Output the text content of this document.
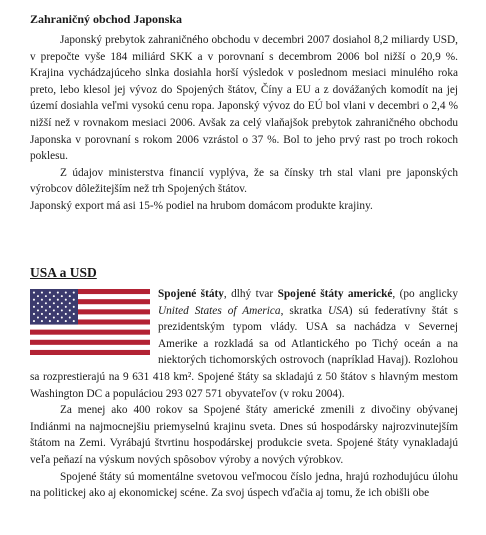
Zahraničný obchod Japonska

Japonský prebytok zahraničného obchodu v decembri 2007 dosiahol 8,2 miliardy USD, v prepočte vyše 184 miliárd SKK a v porovnaní s decembrom 2006 bol nižší o 20,9 %. Krajina vychádzajúceho slnka dosiahla horší výsledok v poslednom mesiaci minulého roka preto, lebo klesol jej vývoz do Spojených štátov, Číny a EU a z dovážaných komodít na jej území dosiahla veľmi vysokú cenu ropa. Japonský vývoz do EÚ bol vlani v decembri o 2,4 % nižší než v rovnakom mesiaci 2006. Avšak za celý vlaňajšok prebytok zahraničného obchodu Japonska v porovnaní s rokom 2006 vzrástol o 37 %. Bol to jeho prvý rast po troch rokoch poklesu.

Z údajov ministerstva financií vyplýva, že sa čínsky trh stal vlani pre japonských výrobcov dôležitejším než trh Spojených štátov.

Japonský export má asi 15-% podiel na hrubom domácom produkte krajiny.

USA a USD

Spojené štáty, dlhý tvar Spojené štáty americké, (po anglicky United States of America, skratka USA) sú federatívny štát s prezidentským typom vlády. USA sa nachádza v Severnej Amerike a rozkladá sa od Atlantického po Tichý oceán a na niektorých tichomorských ostrovoch (napríklad Havaj). Rozlohou sa rozprestierajú na 9 631 418 km². Spojené štáty sa skladajú z 50 štátov s hlavným mestom Washington DC a populáciou 293 027 571 obyvateľov (v roku 2004).

Za menej ako 400 rokov sa Spojené štáty americké zmenili z divočiny obývanej Indiánmi na najmocnejšiu priemyselnú krajinu sveta. Dnes sú hospodársky najrozvinutejším štátom na Zemi. Vyrábajú štvrtinu hospodárskej produkcie sveta. Spojené štáty vynakladajú veľa peňazí na výskum nových spôsobov výroby a nových výrobkov.

Spojené štáty sú momentálne svetovou veľmocou číslo jedna, hrajú rozhodujúcu úlohu na politickej ako aj ekonomickej scéne. Za svoj úspech vďačia aj tomu, že ich obišli obe
